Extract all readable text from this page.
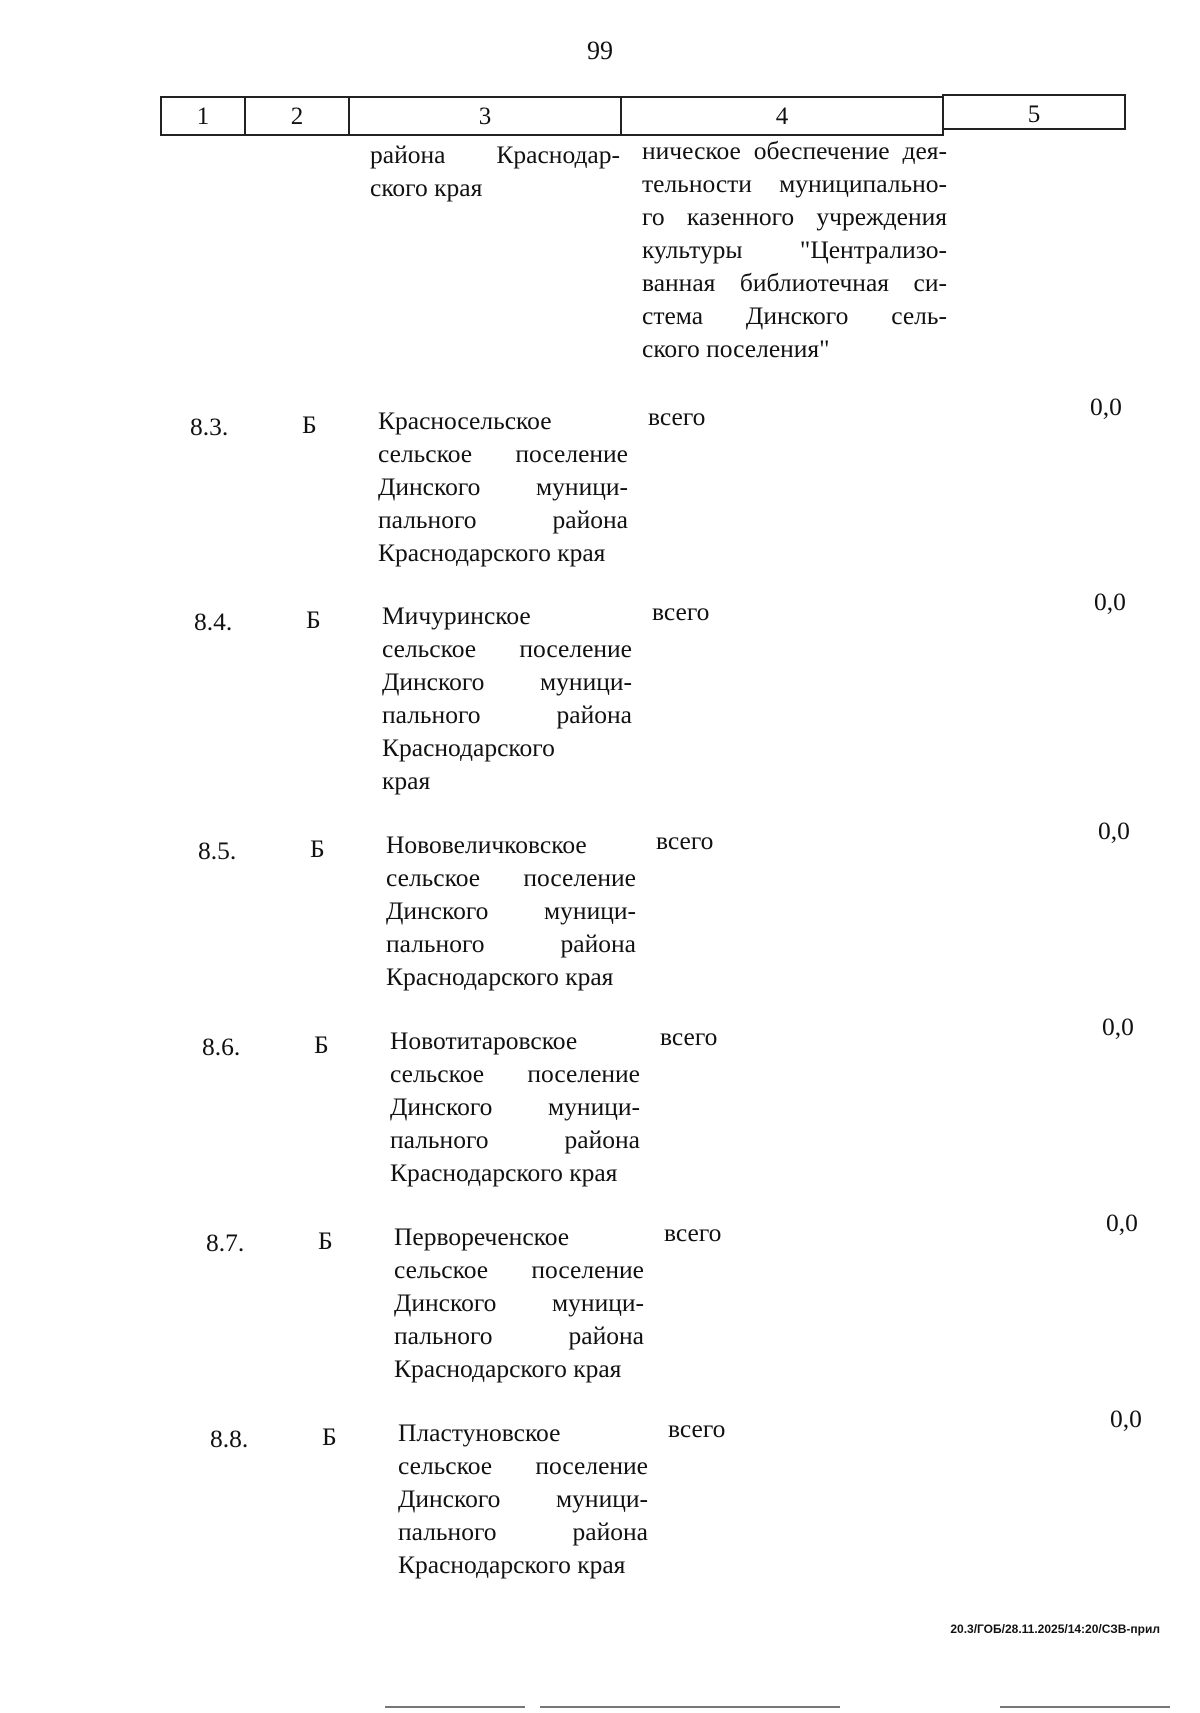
99
1	2	3	4	5
района Краснодар-
ского края
ническое обеспечение дея-
тельности муниципально-
го казенного учреждения
культуры "Централизо-
ванная библиотечная си-
стема Динского сель-
ского поселения"
8.3.	Б Красносельское
сельское поселение
Динского муници-
пального района
Краснодарского края
всего	0,0
8.4.	Б Мичуринское
сельское поселение
Динского муници-
пального района
Краснодарского
края
всего	0,0
8.5.	Б Нововеличковское
сельское поселение
Динского муници-
пального района
Краснодарского края
всего	0,0
8.6.	Б Новотитаровское
сельское поселение
Динского муници-
пального района
Краснодарского края
всего	0,0
8.7.	Б Первореченское
сельское поселение
Динского муници-
пального района
Краснодарского края
всего	0,0
8.8.	Б Пластуновское
сельское поселение
Динского муници-
пального района
Краснодарского края
всего	0,0
20.3/ГОБ/28.11.2025/14:20/СЗВ-прил
